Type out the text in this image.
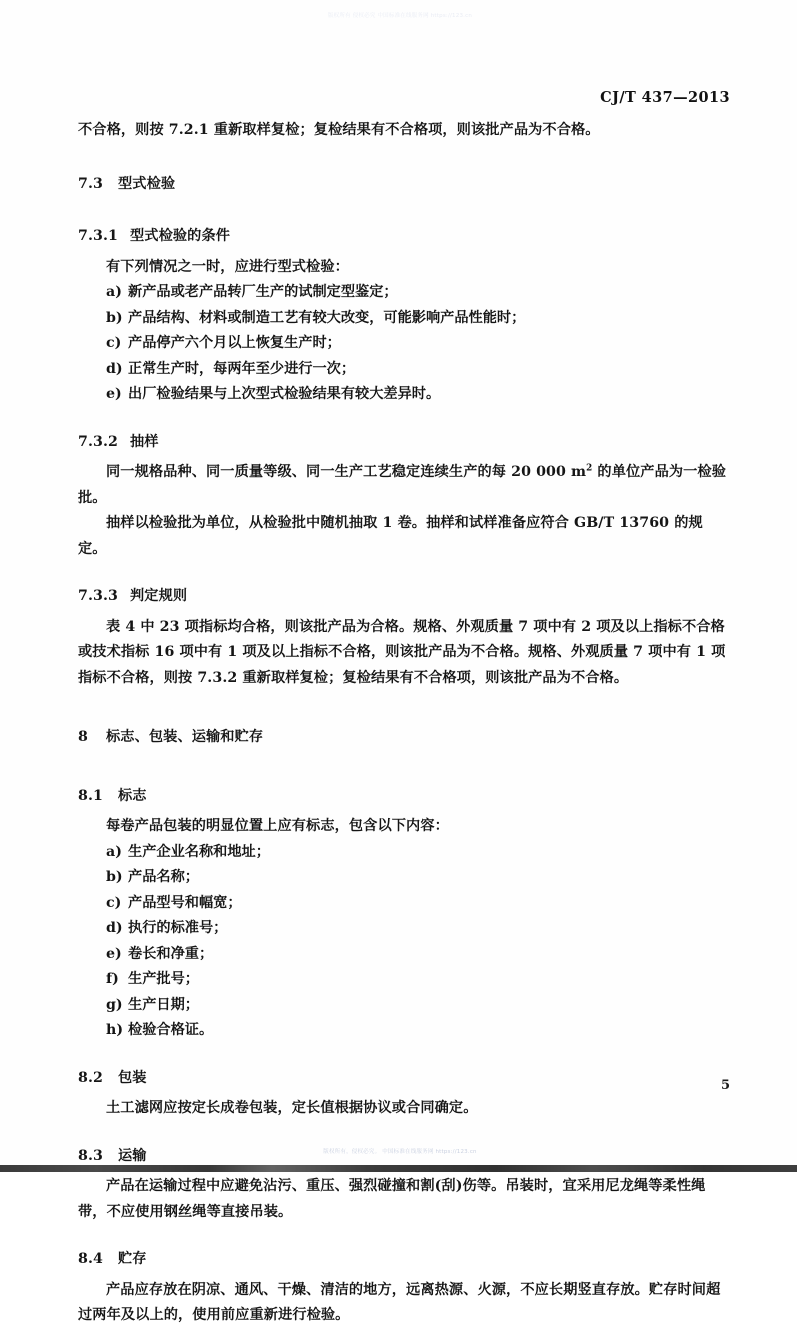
版权所有 侵权必究 中国标准在线服务网 https://123.cn
CJ/T 437—2013

不合格，则按 7.2.1 重新取样复检；复检结果有不合格项，则该批产品为不合格。

7.3 型式检验

7.3.1 型式检验的条件

有下列情况之一时，应进行型式检验：

a) 新产品或老产品转厂生产的试制定型鉴定；
b) 产品结构、材料或制造工艺有较大改变，可能影响产品性能时；
c) 产品停产六个月以上恢复生产时；
d) 正常生产时，每两年至少进行一次；
e) 出厂检验结果与上次型式检验结果有较大差异时。

7.3.2 抽样

同一规格品种、同一质量等级、同一生产工艺稳定连续生产的每 20 000 $m^2$ 的单位产品为一检验批。

抽样以检验批为单位，从检验批中随机抽取 1 卷。抽样和试样准备应符合 GB/T 13760 的规定。

7.3.3 判定规则

表 4 中 23 项指标均合格，则该批产品为合格。规格、外观质量 7 项中有 2 项及以上指标不合格或技术指标 16 项中有 1 项及以上指标不合格，则该批产品为不合格。规格、外观质量 7 项中有 1 项指标不合格，则按 7.3.2 重新取样复检；复检结果有不合格项，则该批产品为不合格。

8 标志、包装、运输和贮存

8.1 标志

每卷产品包装的明显位置上应有标志，包含以下内容：

a) 生产企业名称和地址；
b) 产品名称；
c) 产品型号和幅宽；
d) 执行的标准号；
e) 卷长和净重；
f) 生产批号；
g) 生产日期；
h) 检验合格证。

8.2 包装

土工滤网应按定长成卷包装，定长值根据协议或合同确定。

8.3 运输

产品在运输过程中应避免沾污、重压、强烈碰撞和割(刮)伤等。吊装时，宜采用尼龙绳等柔性绳带，不应使用钢丝绳等直接吊装。

8.4 贮存

产品应存放在阴凉、通风、干燥、清洁的地方，远离热源、火源，不应长期竖直存放。贮存时间超过两年及以上的，使用前应重新进行检验。

5
版权所有，侵权必究。 中国标准在线服务网 https://123.cn
